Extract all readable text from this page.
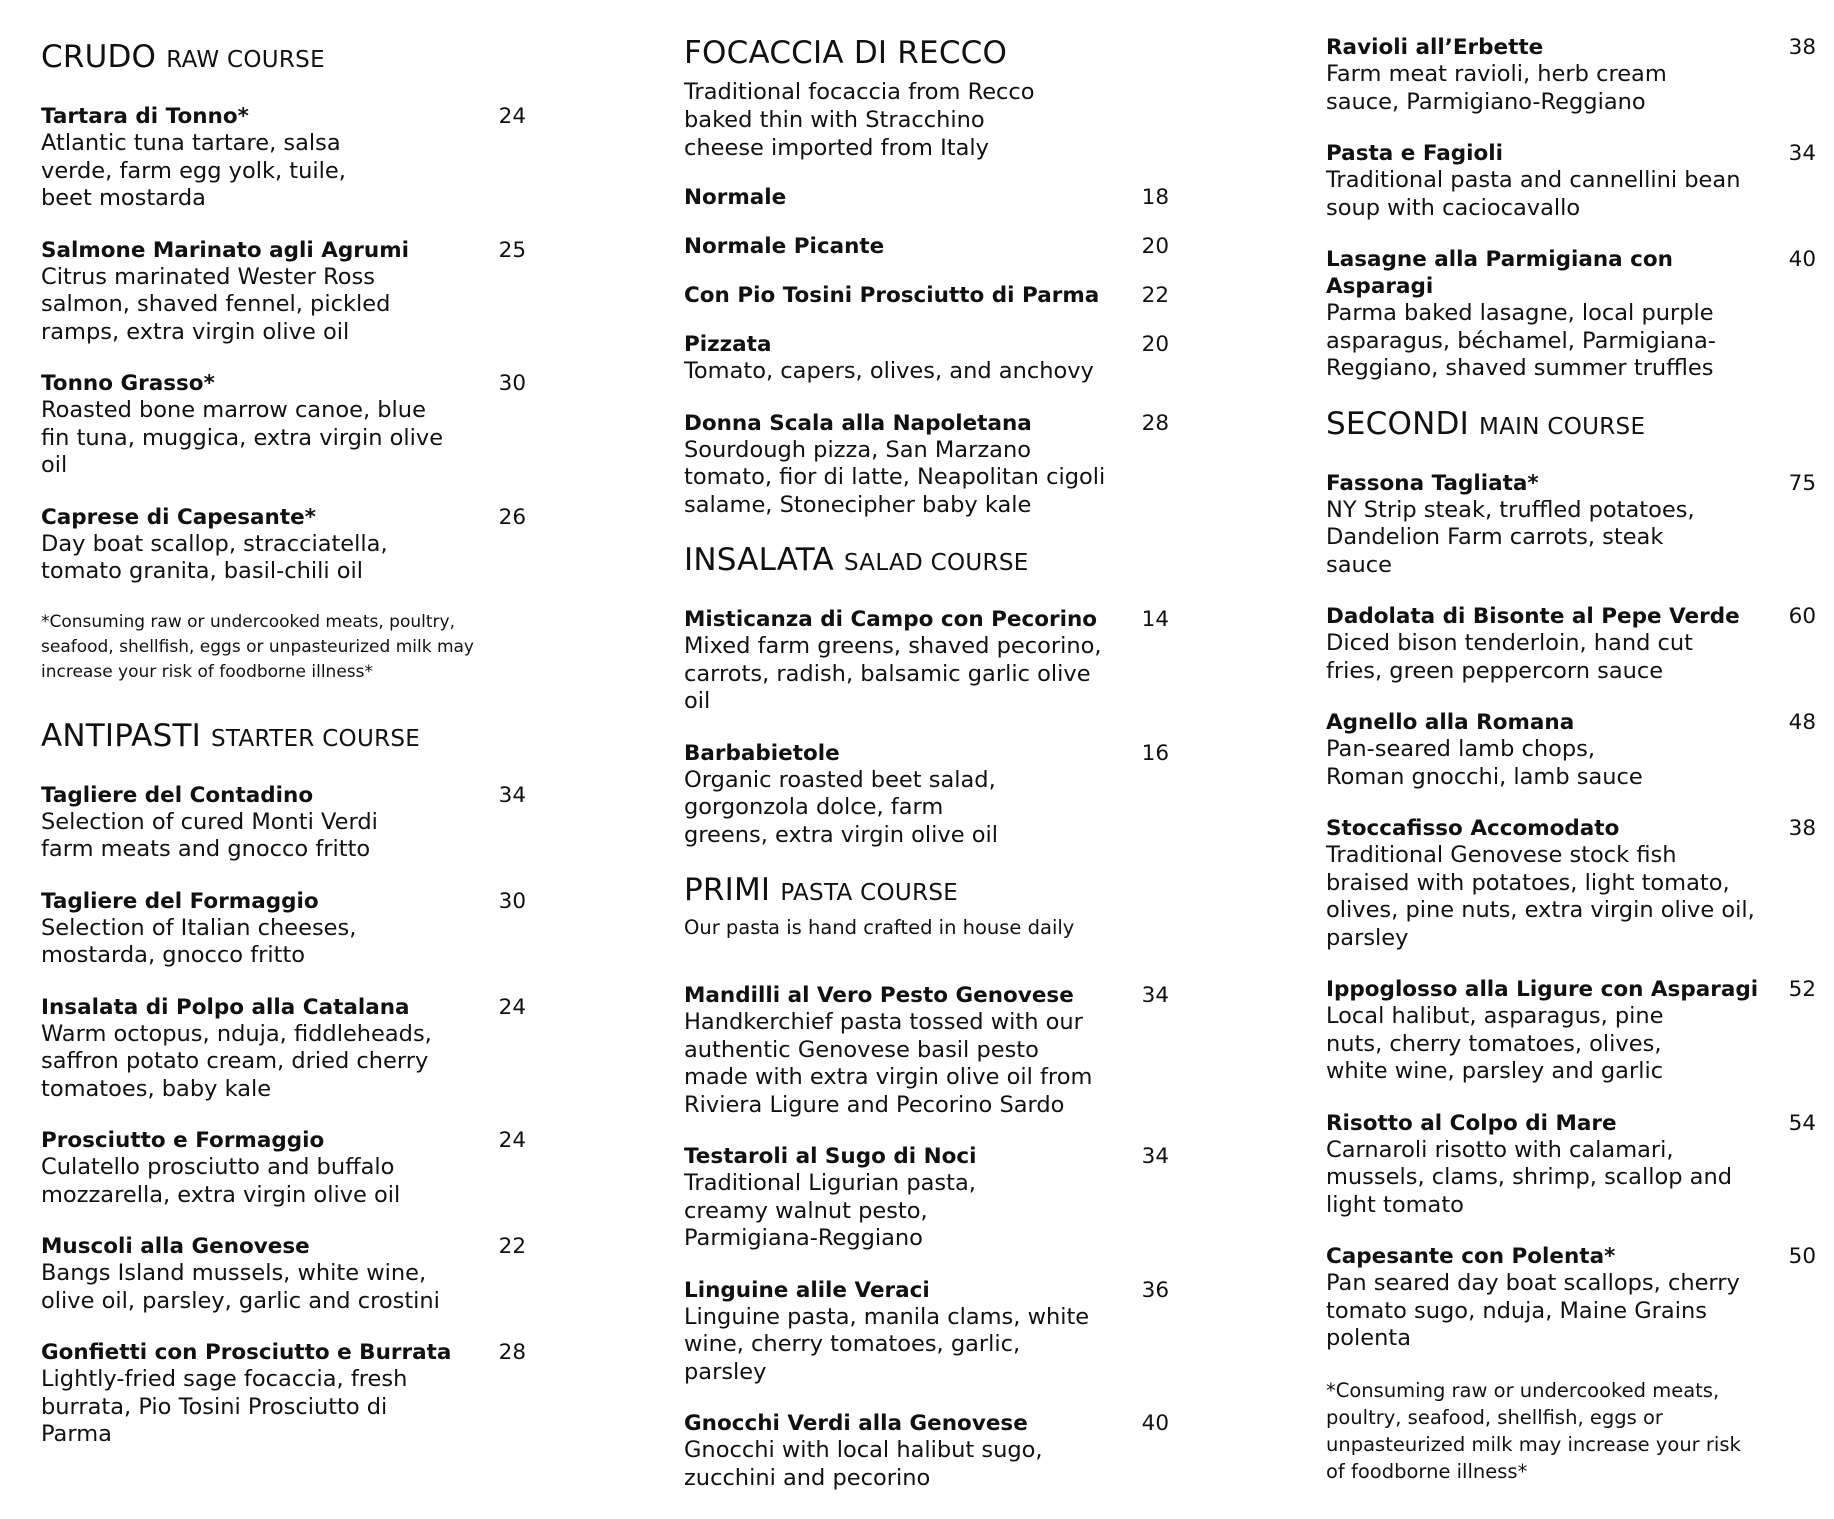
CRUDO RAW COURSE
Tartara di Tonno*	24
Atlantic tuna tartare, salsa verde, farm egg yolk, tuile, beet mostarda
Salmone Marinato agli Agrumi	25
Citrus marinated Wester Ross salmon, shaved fennel, pickled ramps, extra virgin olive oil
Tonno Grasso*	30
Roasted bone marrow canoe, blue fin tuna, muggica, extra virgin olive oil
Caprese di Capesante*	26
Day boat scallop, stracciatella, tomato granita, basil-chili oil
*Consuming raw or undercooked meats, poultry, seafood, shellfish, eggs or unpasteurized milk may increase your risk of foodborne illness*
ANTIPASTI STARTER COURSE
Tagliere del Contadino	34
Selection of cured Monti Verdi farm meats and gnocco fritto
Tagliere del Formaggio	30
Selection of Italian cheeses, mostarda, gnocco fritto
Insalata di Polpo alla Catalana	24
Warm octopus, nduja, fiddleheads, saffron potato cream, dried cherry tomatoes, baby kale
Prosciutto e Formaggio	24
Culatello prosciutto and buffalo mozzarella, extra virgin olive oil
Muscoli alla Genovese	22
Bangs Island mussels, white wine, olive oil, parsley, garlic and crostini
Gonfietti con Prosciutto e Burrata 28
Lightly-fried sage focaccia, fresh burrata, Pio Tosini Prosciutto di Parma
FOCACCIA DI RECCO
Traditional focaccia from Recco baked thin with Stracchino cheese imported from Italy
Normale	18
Normale Picante	20
Con Pio Tosini Prosciutto di Parma 22
Pizzata	20
Tomato, capers, olives, and anchovy
Donna Scala alla Napoletana	28
Sourdough pizza, San Marzano tomato, fior di latte, Neapolitan cigoli salame, Stonecipher baby kale
INSALATA SALAD COURSE
Misticanza di Campo con Pecorino 14
Mixed farm greens, shaved pecorino, carrots, radish, balsamic garlic olive oil
Barbabietole	16
Organic roasted beet salad, gorgonzola dolce, farm greens, extra virgin olive oil
PRIMI PASTA COURSE
Our pasta is hand crafted in house daily
Mandilli al Vero Pesto Genovese	34
Handkerchief pasta tossed with our authentic Genovese basil pesto made with extra virgin olive oil from Riviera Ligure and Pecorino Sardo
Testaroli al Sugo di Noci	34
Traditional Ligurian pasta, creamy walnut pesto, Parmigiana-Reggiano
Linguine alile Veraci	36
Linguine pasta, manila clams, white wine, cherry tomatoes, garlic, parsley
Gnocchi Verdi alla Genovese	40
Gnocchi with local halibut sugo, zucchini and pecorino
Ravioli all’Erbette	38
Farm meat ravioli, herb cream sauce, Parmigiano-Reggiano
Pasta e Fagioli	34
Traditional pasta and cannellini bean soup with caciocavallo
Lasagne alla Parmigiana con Asparagi
40
Parma baked lasagne, local purple asparagus, béchamel, Parmigiana-Reggiano, shaved summer truffles
SECONDI MAIN COURSE
Fassona Tagliata*	75
NY Strip steak, truffled potatoes, Dandelion Farm carrots, steak sauce
Dadolata di Bisonte al Pepe Verde 60
Diced bison tenderloin, hand cut fries, green peppercorn sauce
Agnello alla Romana	48
Pan-seared lamb chops, Roman gnocchi, lamb sauce
Stoccafisso Accomodato	38
Traditional Genovese stock fish braised with potatoes, light tomato, olives, pine nuts, extra virgin olive oil, parsley
Ippoglosso alla Ligure con Asparagi 52
Local halibut, asparagus, pine nuts, cherry tomatoes, olives, white wine, parsley and garlic
Risotto al Colpo di Mare	54
Carnaroli risotto with calamari, mussels, clams, shrimp, scallop and light tomato
Capesante con Polenta*	50
Pan seared day boat scallops, cherry tomato sugo, nduja, Maine Grains polenta
*Consuming raw or undercooked meats, poultry, seafood, shellfish, eggs or unpasteurized milk may increase your risk of foodborne illness*
